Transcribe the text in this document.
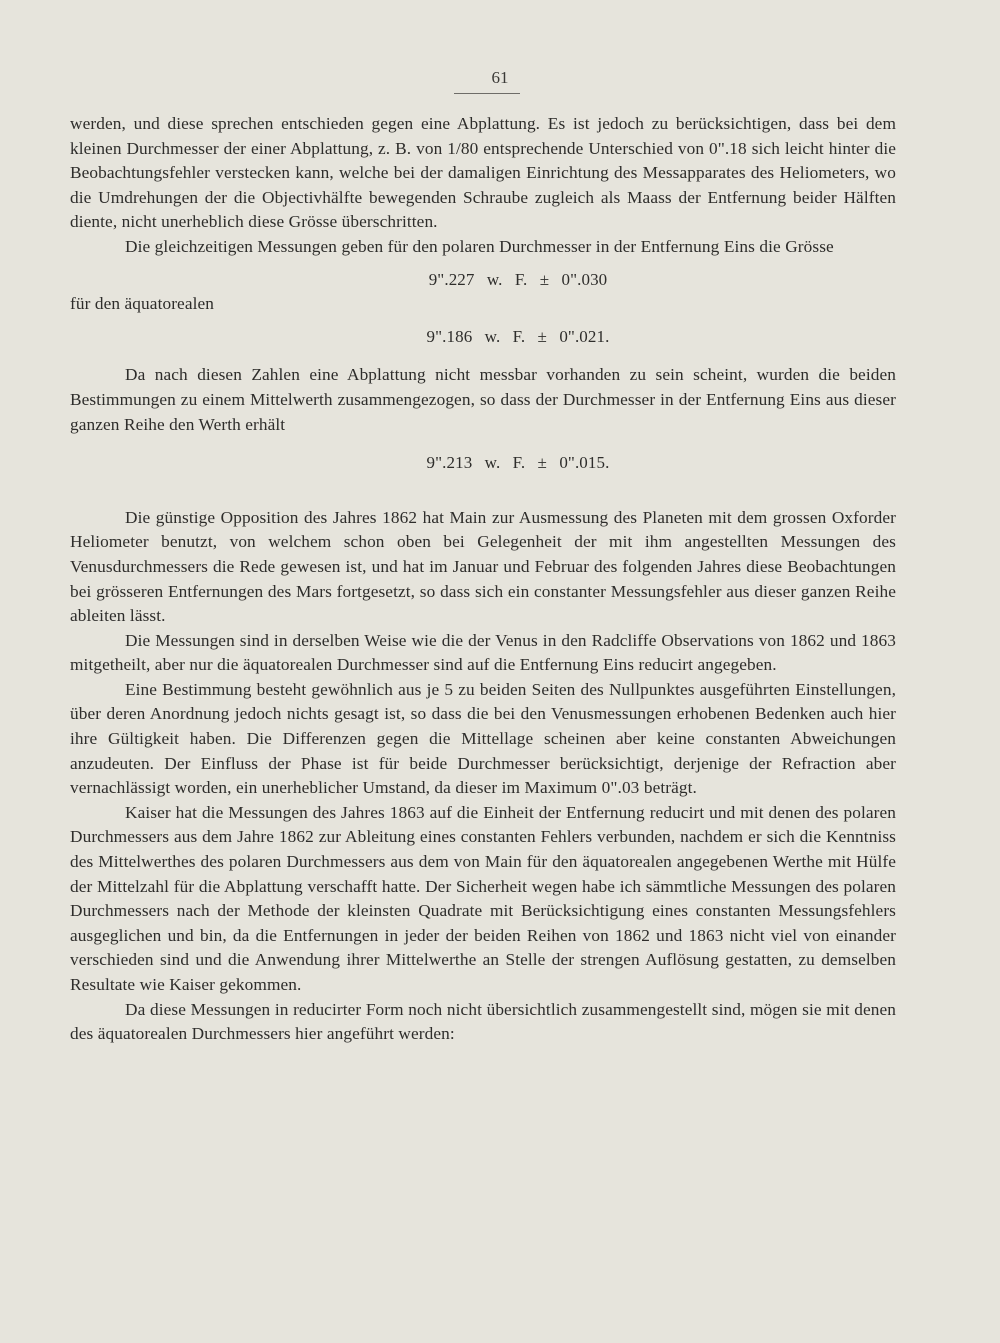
61

werden, und diese sprechen entschieden gegen eine Abplattung. Es ist jedoch zu berücksichtigen, dass bei dem kleinen Durchmesser der einer Abplattung, z. B. von 1/80 entsprechende Unterschied von 0".18 sich leicht hinter die Beobachtungsfehler verstecken kann, welche bei der damaligen Einrichtung des Messapparates des Heliometers, wo die Umdrehungen der die Objectivhälfte bewegenden Schraube zugleich als Maass der Entfernung beider Hälften diente, nicht unerheblich diese Grösse überschritten.

Die gleichzeitigen Messungen geben für den polaren Durchmesser in der Entfernung Eins die Grösse

9".227 w. F. ± 0".030

für den äquatorealen

9".186 w. F. ± 0".021.

Da nach diesen Zahlen eine Abplattung nicht messbar vorhanden zu sein scheint, wurden die beiden Bestimmungen zu einem Mittelwerth zusammengezogen, so dass der Durchmesser in der Entfernung Eins aus dieser ganzen Reihe den Werth erhält

9".213 w. F. ± 0".015.

Die günstige Opposition des Jahres 1862 hat Main zur Ausmessung des Planeten mit dem grossen Oxforder Heliometer benutzt, von welchem schon oben bei Gelegenheit der mit ihm angestellten Messungen des Venusdurchmessers die Rede gewesen ist, und hat im Januar und Februar des folgenden Jahres diese Beobachtungen bei grösseren Entfernungen des Mars fortgesetzt, so dass sich ein constanter Messungsfehler aus dieser ganzen Reihe ableiten lässt.

Die Messungen sind in derselben Weise wie die der Venus in den Radcliffe Observations von 1862 und 1863 mitgetheilt, aber nur die äquatorealen Durchmesser sind auf die Entfernung Eins reducirt angegeben.

Eine Bestimmung besteht gewöhnlich aus je 5 zu beiden Seiten des Nullpunktes ausgeführten Einstellungen, über deren Anordnung jedoch nichts gesagt ist, so dass die bei den Venusmessungen erhobenen Bedenken auch hier ihre Gültigkeit haben. Die Differenzen gegen die Mittellage scheinen aber keine constanten Abweichungen anzudeuten. Der Einfluss der Phase ist für beide Durchmesser berücksichtigt, derjenige der Refraction aber vernachlässigt worden, ein unerheblicher Umstand, da dieser im Maximum 0".03 beträgt.

Kaiser hat die Messungen des Jahres 1863 auf die Einheit der Entfernung reducirt und mit denen des polaren Durchmessers aus dem Jahre 1862 zur Ableitung eines constanten Fehlers verbunden, nachdem er sich die Kenntniss des Mittelwerthes des polaren Durchmessers aus dem von Main für den äquatorealen angegebenen Werthe mit Hülfe der Mittelzahl für die Abplattung verschafft hatte. Der Sicherheit wegen habe ich sämmtliche Messungen des polaren Durchmessers nach der Methode der kleinsten Quadrate mit Berücksichtigung eines constanten Messungsfehlers ausgeglichen und bin, da die Entfernungen in jeder der beiden Reihen von 1862 und 1863 nicht viel von einander verschieden sind und die Anwendung ihrer Mittelwerthe an Stelle der strengen Auflösung gestatten, zu demselben Resultate wie Kaiser gekommen.

Da diese Messungen in reducirter Form noch nicht übersichtlich zusammengestellt sind, mögen sie mit denen des äquatorealen Durchmessers hier angeführt werden:
